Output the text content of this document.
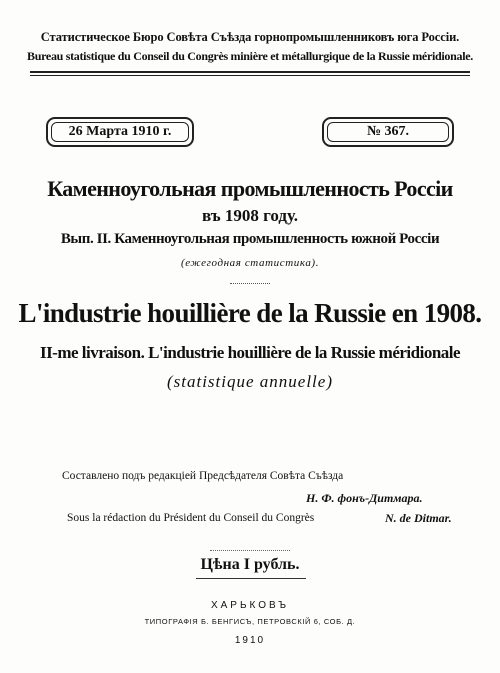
Статистическое Бюро Совѣта Съѣзда горнопромышленниковъ юга Россіи.
Bureau statistique du Conseil du Congrès minière et métallurgique de la Russie méridionale.
26 Марта 1910 г.	№ 367.
Каменноугольная промышленность Россіи
въ 1908 году.
Вып. II. Каменноугольная промышленность южной Россіи
(ежегодная статистика).
L'industrie houillière de la Russie en 1908.
II-me livraison. L'industrie houillière de la Russie méridionale
(statistique annuelle)
Составлено подъ редакціей Предсѣдателя Совѣта Съѣзда
Н. Ф. фонъ-Дитмара.
Sous la rédaction du Président du Conseil du Congrès	N. de Ditmar.
Цѣна I рубль.
ХАРЬКОВЪ
ТИПОГРАФІЯ Б. БЕНГИСЪ, ПЕТРОВСКІЙ 6, СОБ. Д.
1910
